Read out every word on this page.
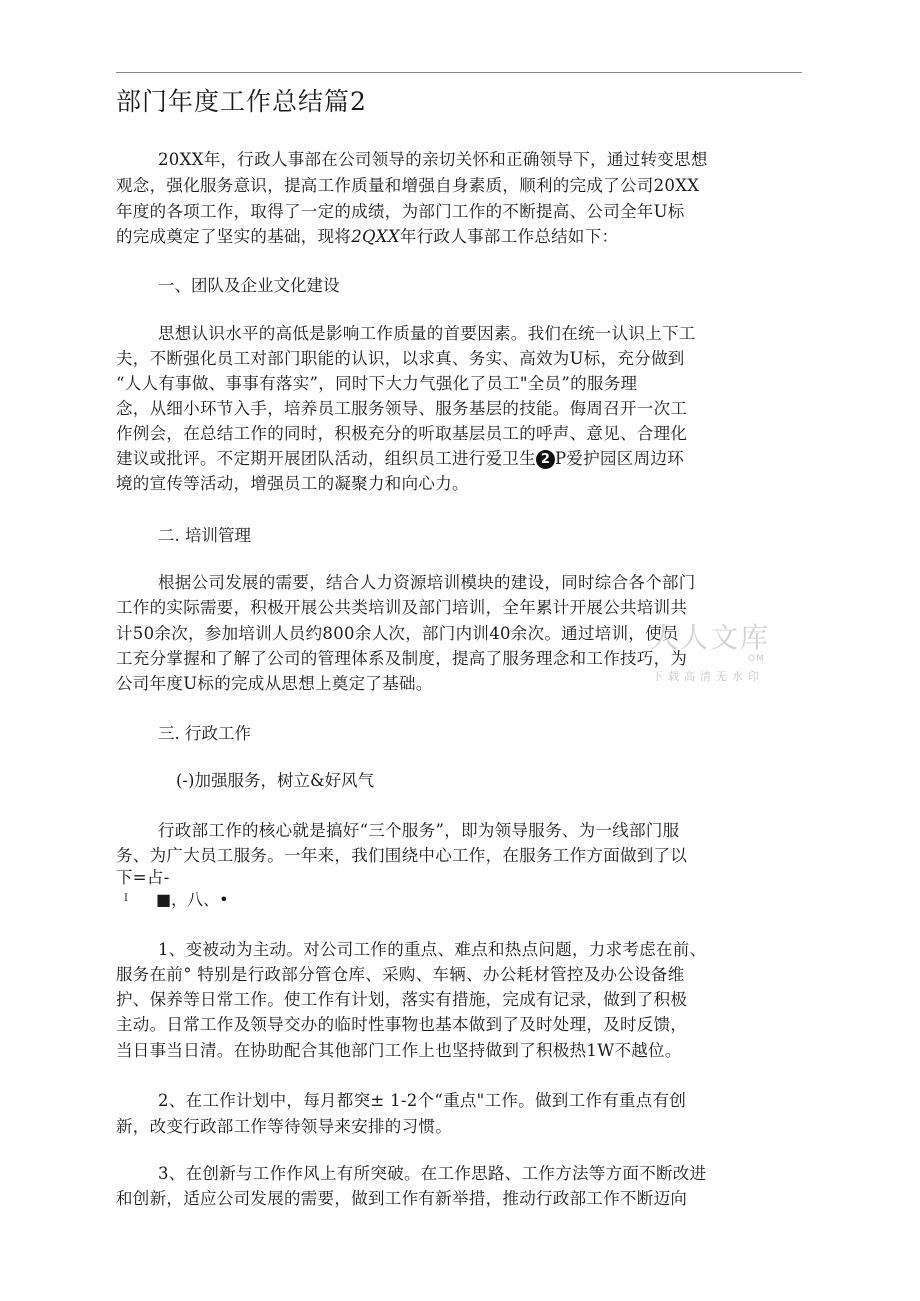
部门年度工作总结篇2
20XX年，行政人事部在公司领导的亲切关怀和正确领导下，通过转变思想
观念，强化服务意识，提高工作质量和增强自身素质，顺利的完成了公司20XX
年度的各项工作，取得了一定的成绩，为部门工作的不断提高、公司全年U标
的完成奠定了坚实的基础，现将2QXX年行政人事部工作总结如下：
一、团队及企业文化建设
思想认识水平的高低是影响工作质量的首要因素。我们在统一认识上下工
夫，不断强化员工对部门职能的认识，以求真、务实、高效为U标，充分做到
“人人有事做、事事有落实”，同时下大力气强化了员工"全员”的服务理
念，从细小环节入手，培养员工服务领导、服务基层的技能。侮周召开一次工
作例会，在总结工作的同时，积极充分的听取基层员工的呼声、意见、合理化
建议或批评。不定期开展团队活动，组织员工进行爱卫生 2 P爱护园区周边环
境的宣传等活动，增强员工的凝聚力和向心力。
二. 培训管理
根据公司发展的需要，结合人力资源培训模块的建设，同时综合各个部门
工作的实际需要，积极开展公共类培训及部门培训，全年累计开展公共培训共
计50余次，参加培训人员约800余人次，部门内训40余次。通过培训，使员
工充分掌握和了解了公司的管理体系及制度，提高了服务理念和工作技巧，为
公司年度U标的完成从思想上奠定了基础。
三. 行政工作
(-)加强服务，树立&好风气
行政部工作的核心就是搞好“三个服务”，即为领导服务、为一线部门服
务、为广大员工服务。一年来，我们围绕中心工作，在服务工作方面做到了以
下=占-
I ■，八、•
1、变被动为主动。对公司工作的重点、难点和热点问题，力求考虑在前、
服务在前° 特别是行政部分管仓库、采购、车辆、办公耗材管控及办公设备维
护、保养等日常工作。使工作有计划，落实有措施，完成有记录，做到了积极
主动。日常工作及领导交办的临时性事物也基本做到了及时处理，及时反馈，
当日事当日清。在协助配合其他部门工作上也坚持做到了积极热1W不越位。
2、在工作计划中，每月都突± 1-2个“重点"工作。做到工作有重点有创
新，改变行政部工作等待领导来安排的习惯。
3、在创新与工作作风上有所突破。在工作思路、工作方法等方面不断改进
和创新，适应公司发展的需要，做到工作有新举措，推动行政部工作不断迈向
人人文库
OM
下载高清无水印
